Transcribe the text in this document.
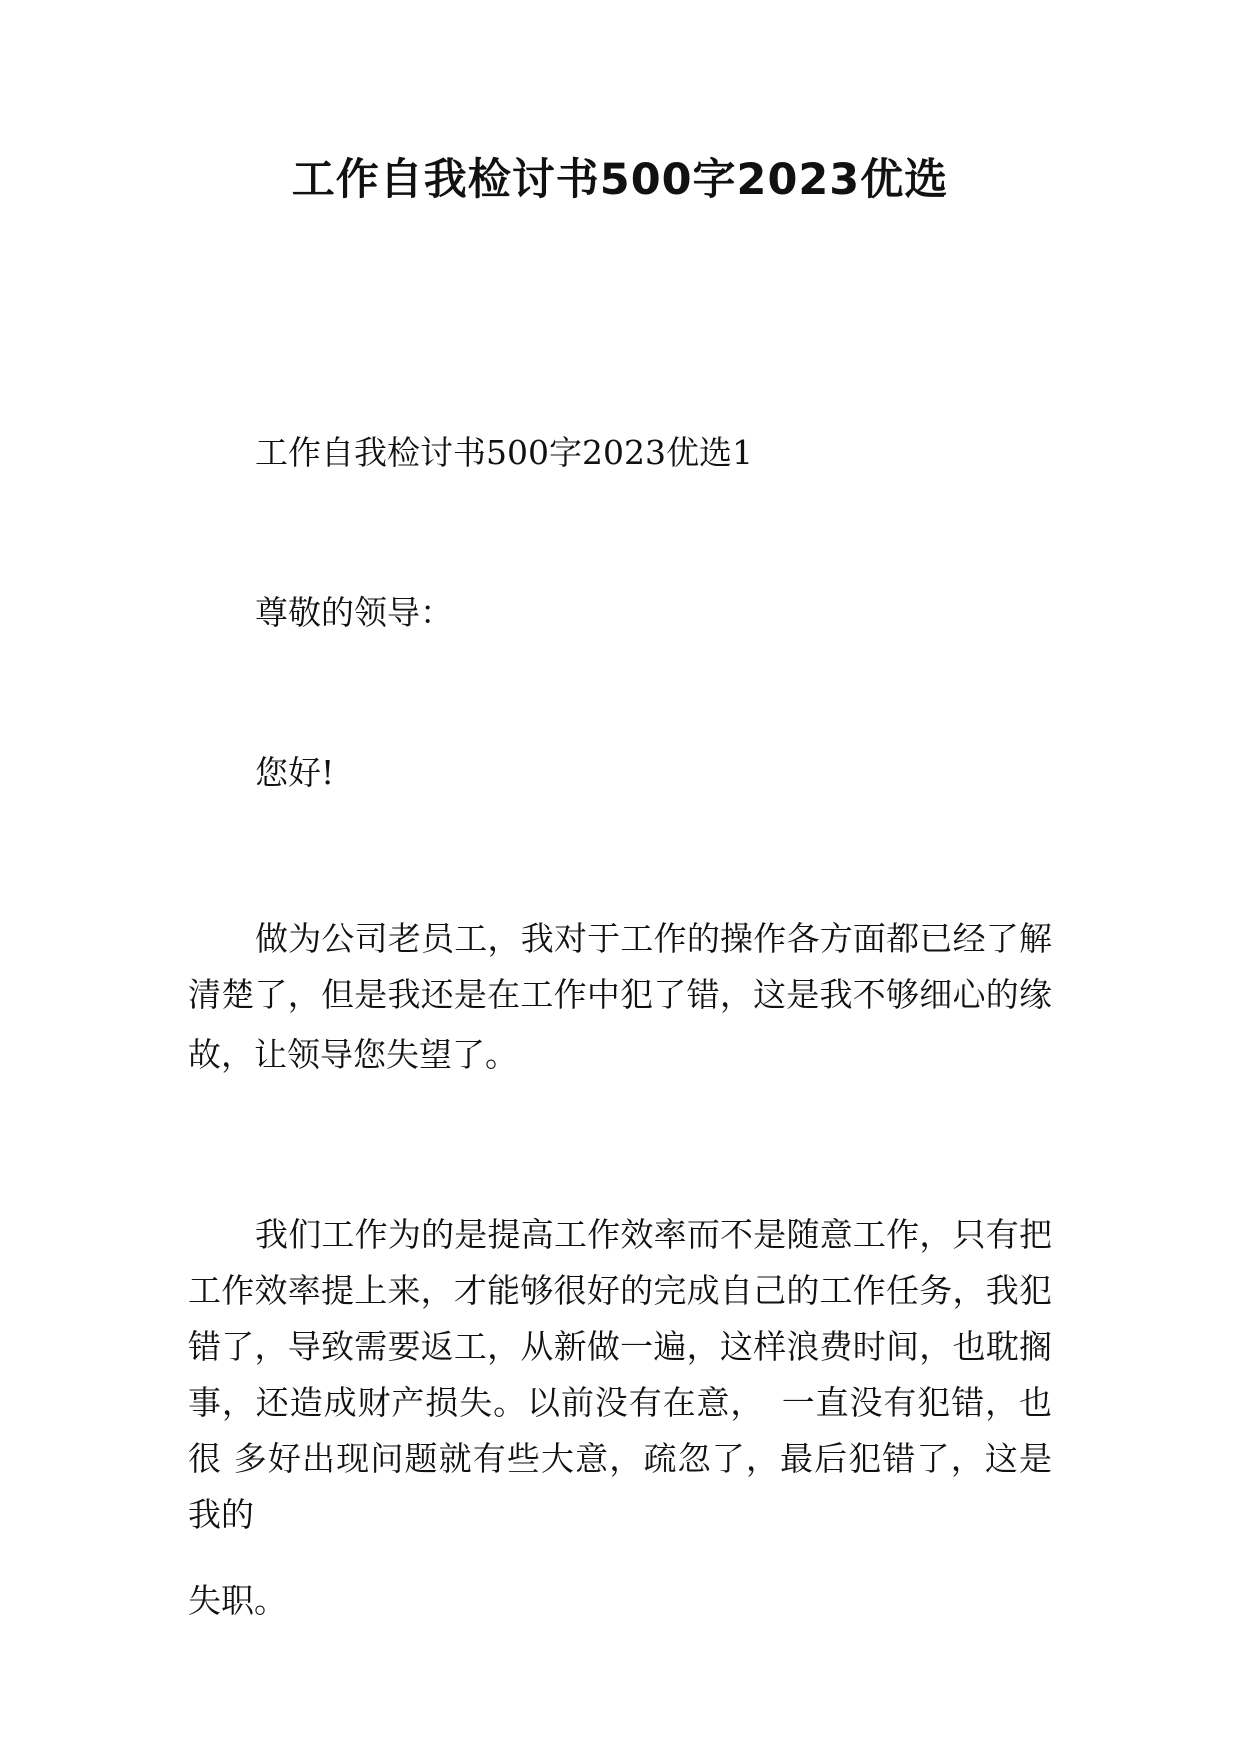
工作自我检讨书500字2023优选
工作自我检讨书500字2023优选1
尊敬的领导：
您好!
做为公司老员工，我对于工作的操作各方面都已经了解
清楚了，但是我还是在工作中犯了错，这是我不够细心的缘
故，让领导您失望了。
我们工作为的是提高工作效率而不是随意工作，只有把
工作效率提上来，才能够很好的完成自己的工作任务，我犯
错了，导致需要返工，从新做一遍，这样浪费时间，也耽搁
事，还造成财产损失。以前没有在意，　一直没有犯错，也
很 多好出现问题就有些大意，疏忽了，最后犯错了，这是
我的
失职。
